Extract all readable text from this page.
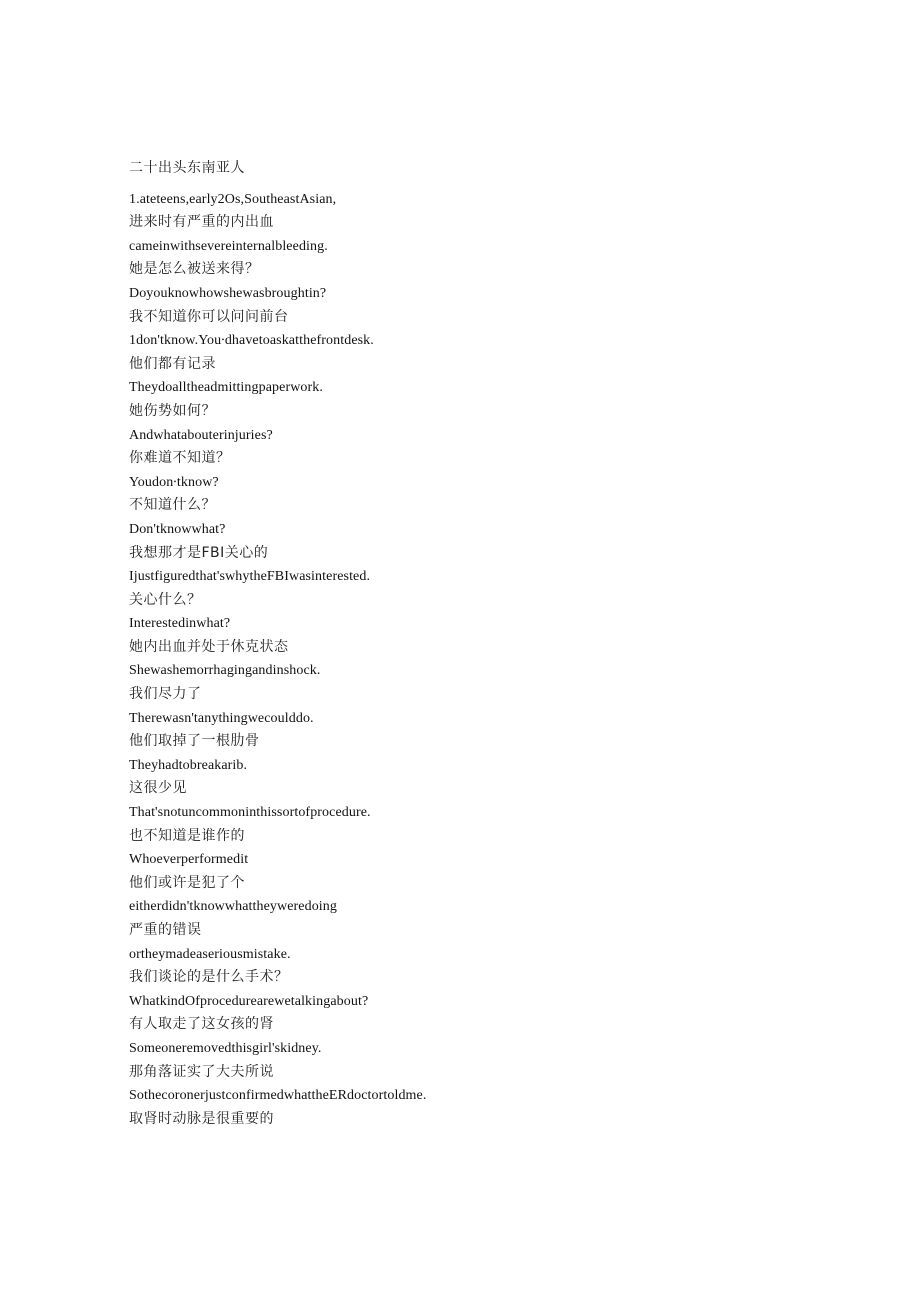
二十出头东南亚人
1.ateteens,early2Os,SoutheastAsian,
进来时有严重的内出血
cameinwithsevereinternalbleeding.
她是怎么被送来得？
Doyouknowhowshewasbroughtin?
我不知道你可以问问前台
1don'tknow.You∙dhavetoaskatthefrontdesk.
他们都有记录
Theydoalltheadmittingpaperwork.
她伤势如何？
Andwhatabouterinjuries?
你难道不知道？
Youdon∙tknow?
不知道什么？
Don'tknowwhat?
我想那才是FBI关心的
Ijustfiguredthat'swhytheFBIwasinterested.
关心什么？
Interestedinwhat?
她内出血并处于休克状态
Shewashemorrhagingandinshock.
我们尽力了
Therewasn'tanythingwecoulddo.
他们取掉了一根肋骨
Theyhadtobreakarib.
这很少见
That'snotuncommoninthissortofprocedure.
也不知道是谁作的
Whoeverperformedit
他们或许是犯了个
eitherdidn'tknowwhattheyweredoing
严重的错误
ortheymadeaseriousmistake.
我们谈论的是什么手术？
WhatkindOfprocedurearewetalkingabout?
有人取走了这女孩的肾
Someoneremovedthisgirl'skidney.
那角落证实了大夫所说
SothecoronerjustconfirmedwhattheERdoctortoldme.
取肾时动脉是很重要的
